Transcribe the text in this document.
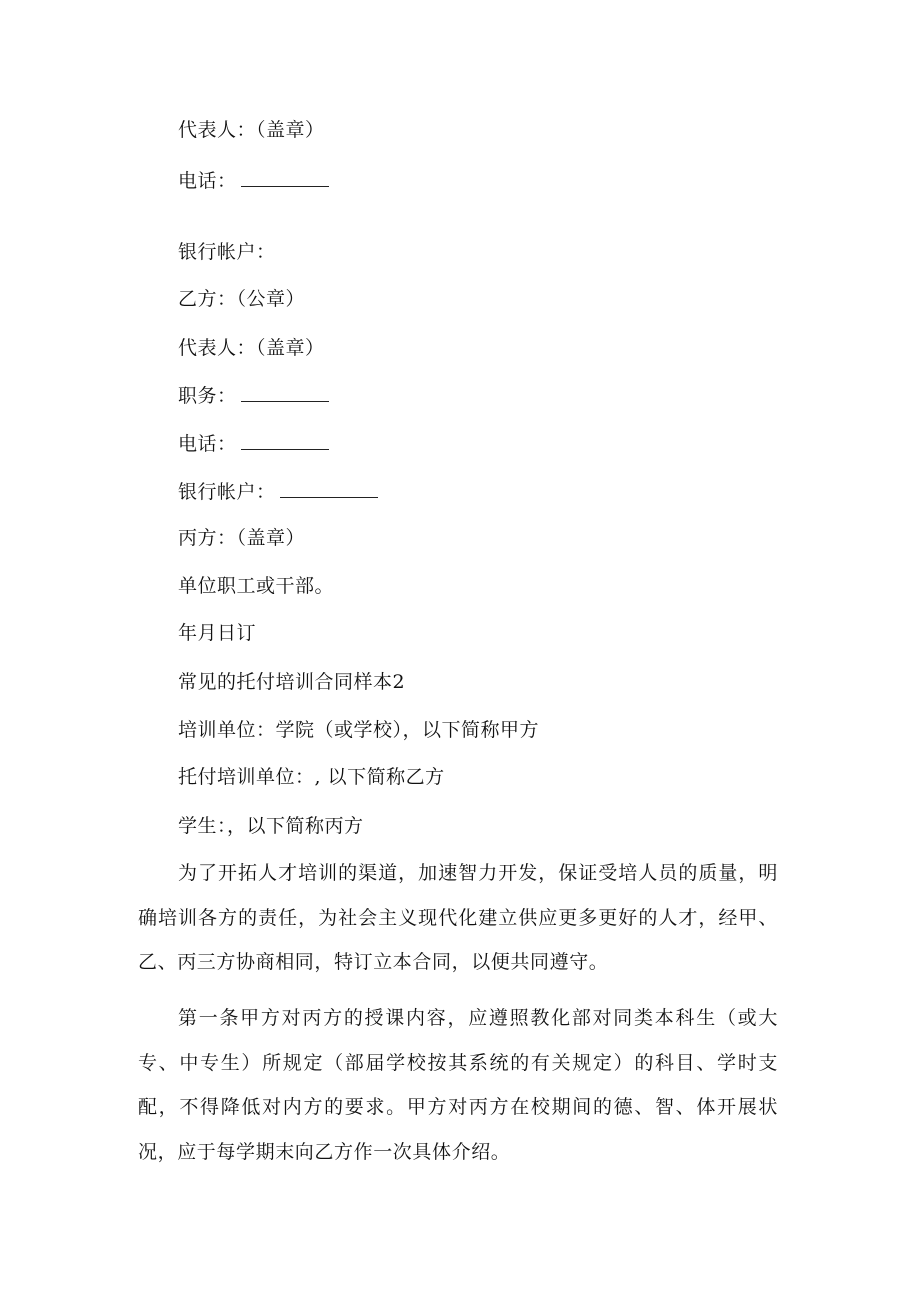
代表人：（盖章）
电话：
银行帐户：
乙方：（公章）
代表人：（盖章）
职务：
电话：
银行帐户：
丙方：（盖章）
单位职工或干部。
年月日订
常见的托付培训合同样本2
培训单位：学院（或学校），以下简称甲方
托付培训单位：, 以下简称乙方
学生：，以下简称丙方
为了开拓人才培训的渠道，加速智力开发，保证受培人员的质量，明确培训各方的责任，为社会主义现代化建立供应更多更好的人才，经甲、乙、丙三方协商相同，特订立本合同，以便共同遵守。
第一条甲方对丙方的授课内容，应遵照教化部对同类本科生（或大专、中专生）所规定（部届学校按其系统的有关规定）的科目、学时支配，不得降低对内方的要求。甲方对丙方在校期间的德、智、体开展状况，应于每学期末向乙方作一次具体介绍。
